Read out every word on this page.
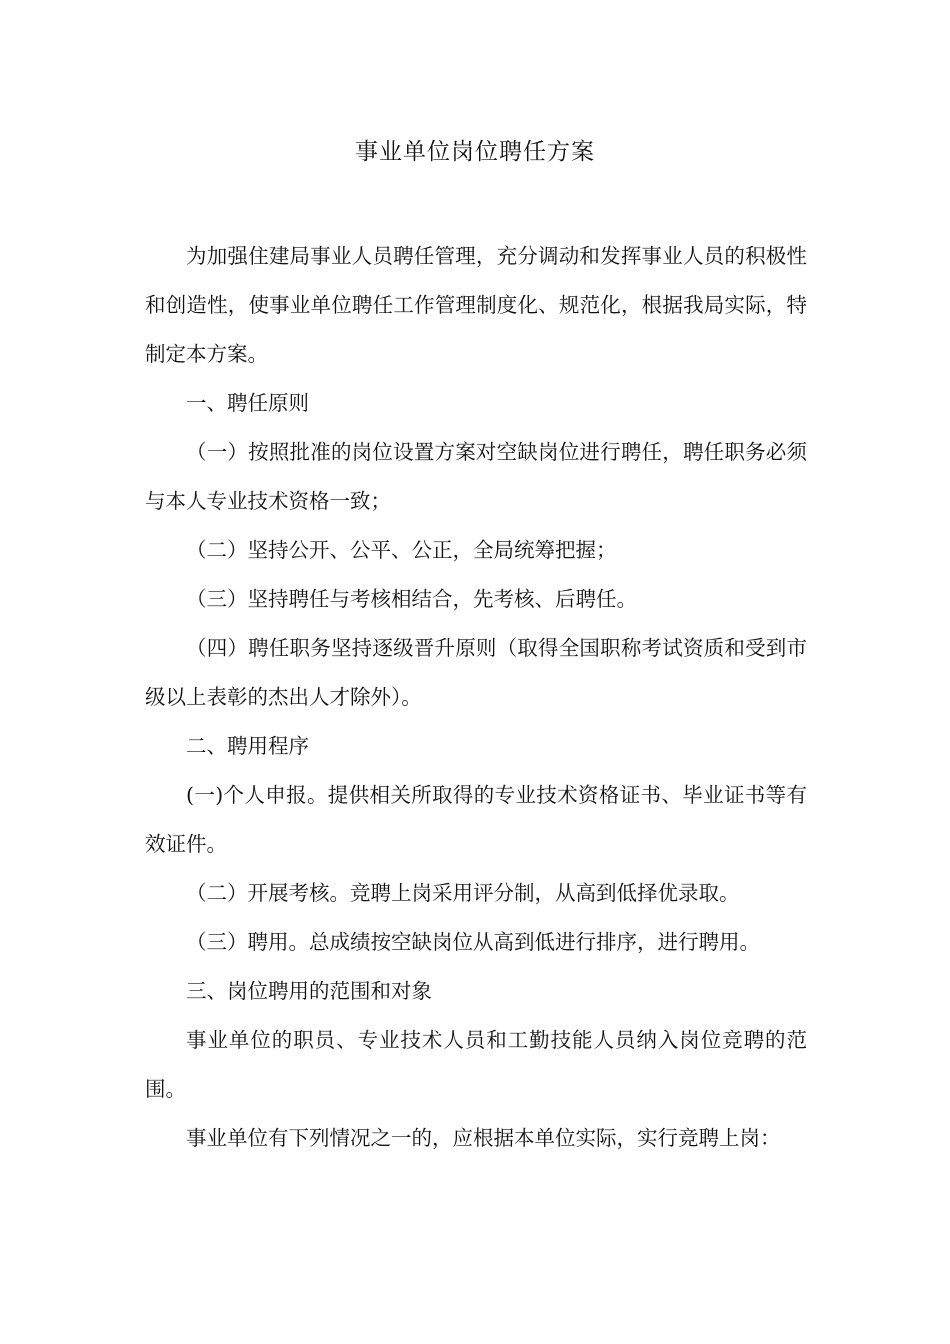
事业单位岗位聘任方案

为加强住建局事业人员聘任管理，充分调动和发挥事业人员的积极性和创造性，使事业单位聘任工作管理制度化、规范化，根据我局实际，特制定本方案。

一、聘任原则

（一）按照批准的岗位设置方案对空缺岗位进行聘任，聘任职务必须与本人专业技术资格一致；

（二）坚持公开、公平、公正，全局统筹把握；

（三）坚持聘任与考核相结合，先考核、后聘任。

（四）聘任职务坚持逐级晋升原则（取得全国职称考试资质和受到市级以上表彰的杰出人才除外）。

二、聘用程序

(一)个人申报。提供相关所取得的专业技术资格证书、毕业证书等有效证件。

（二）开展考核。竞聘上岗采用评分制，从高到低择优录取。

（三）聘用。总成绩按空缺岗位从高到低进行排序，进行聘用。

三、岗位聘用的范围和对象

事业单位的职员、专业技术人员和工勤技能人员纳入岗位竞聘的范围。

事业单位有下列情况之一的，应根据本单位实际，实行竞聘上岗：
